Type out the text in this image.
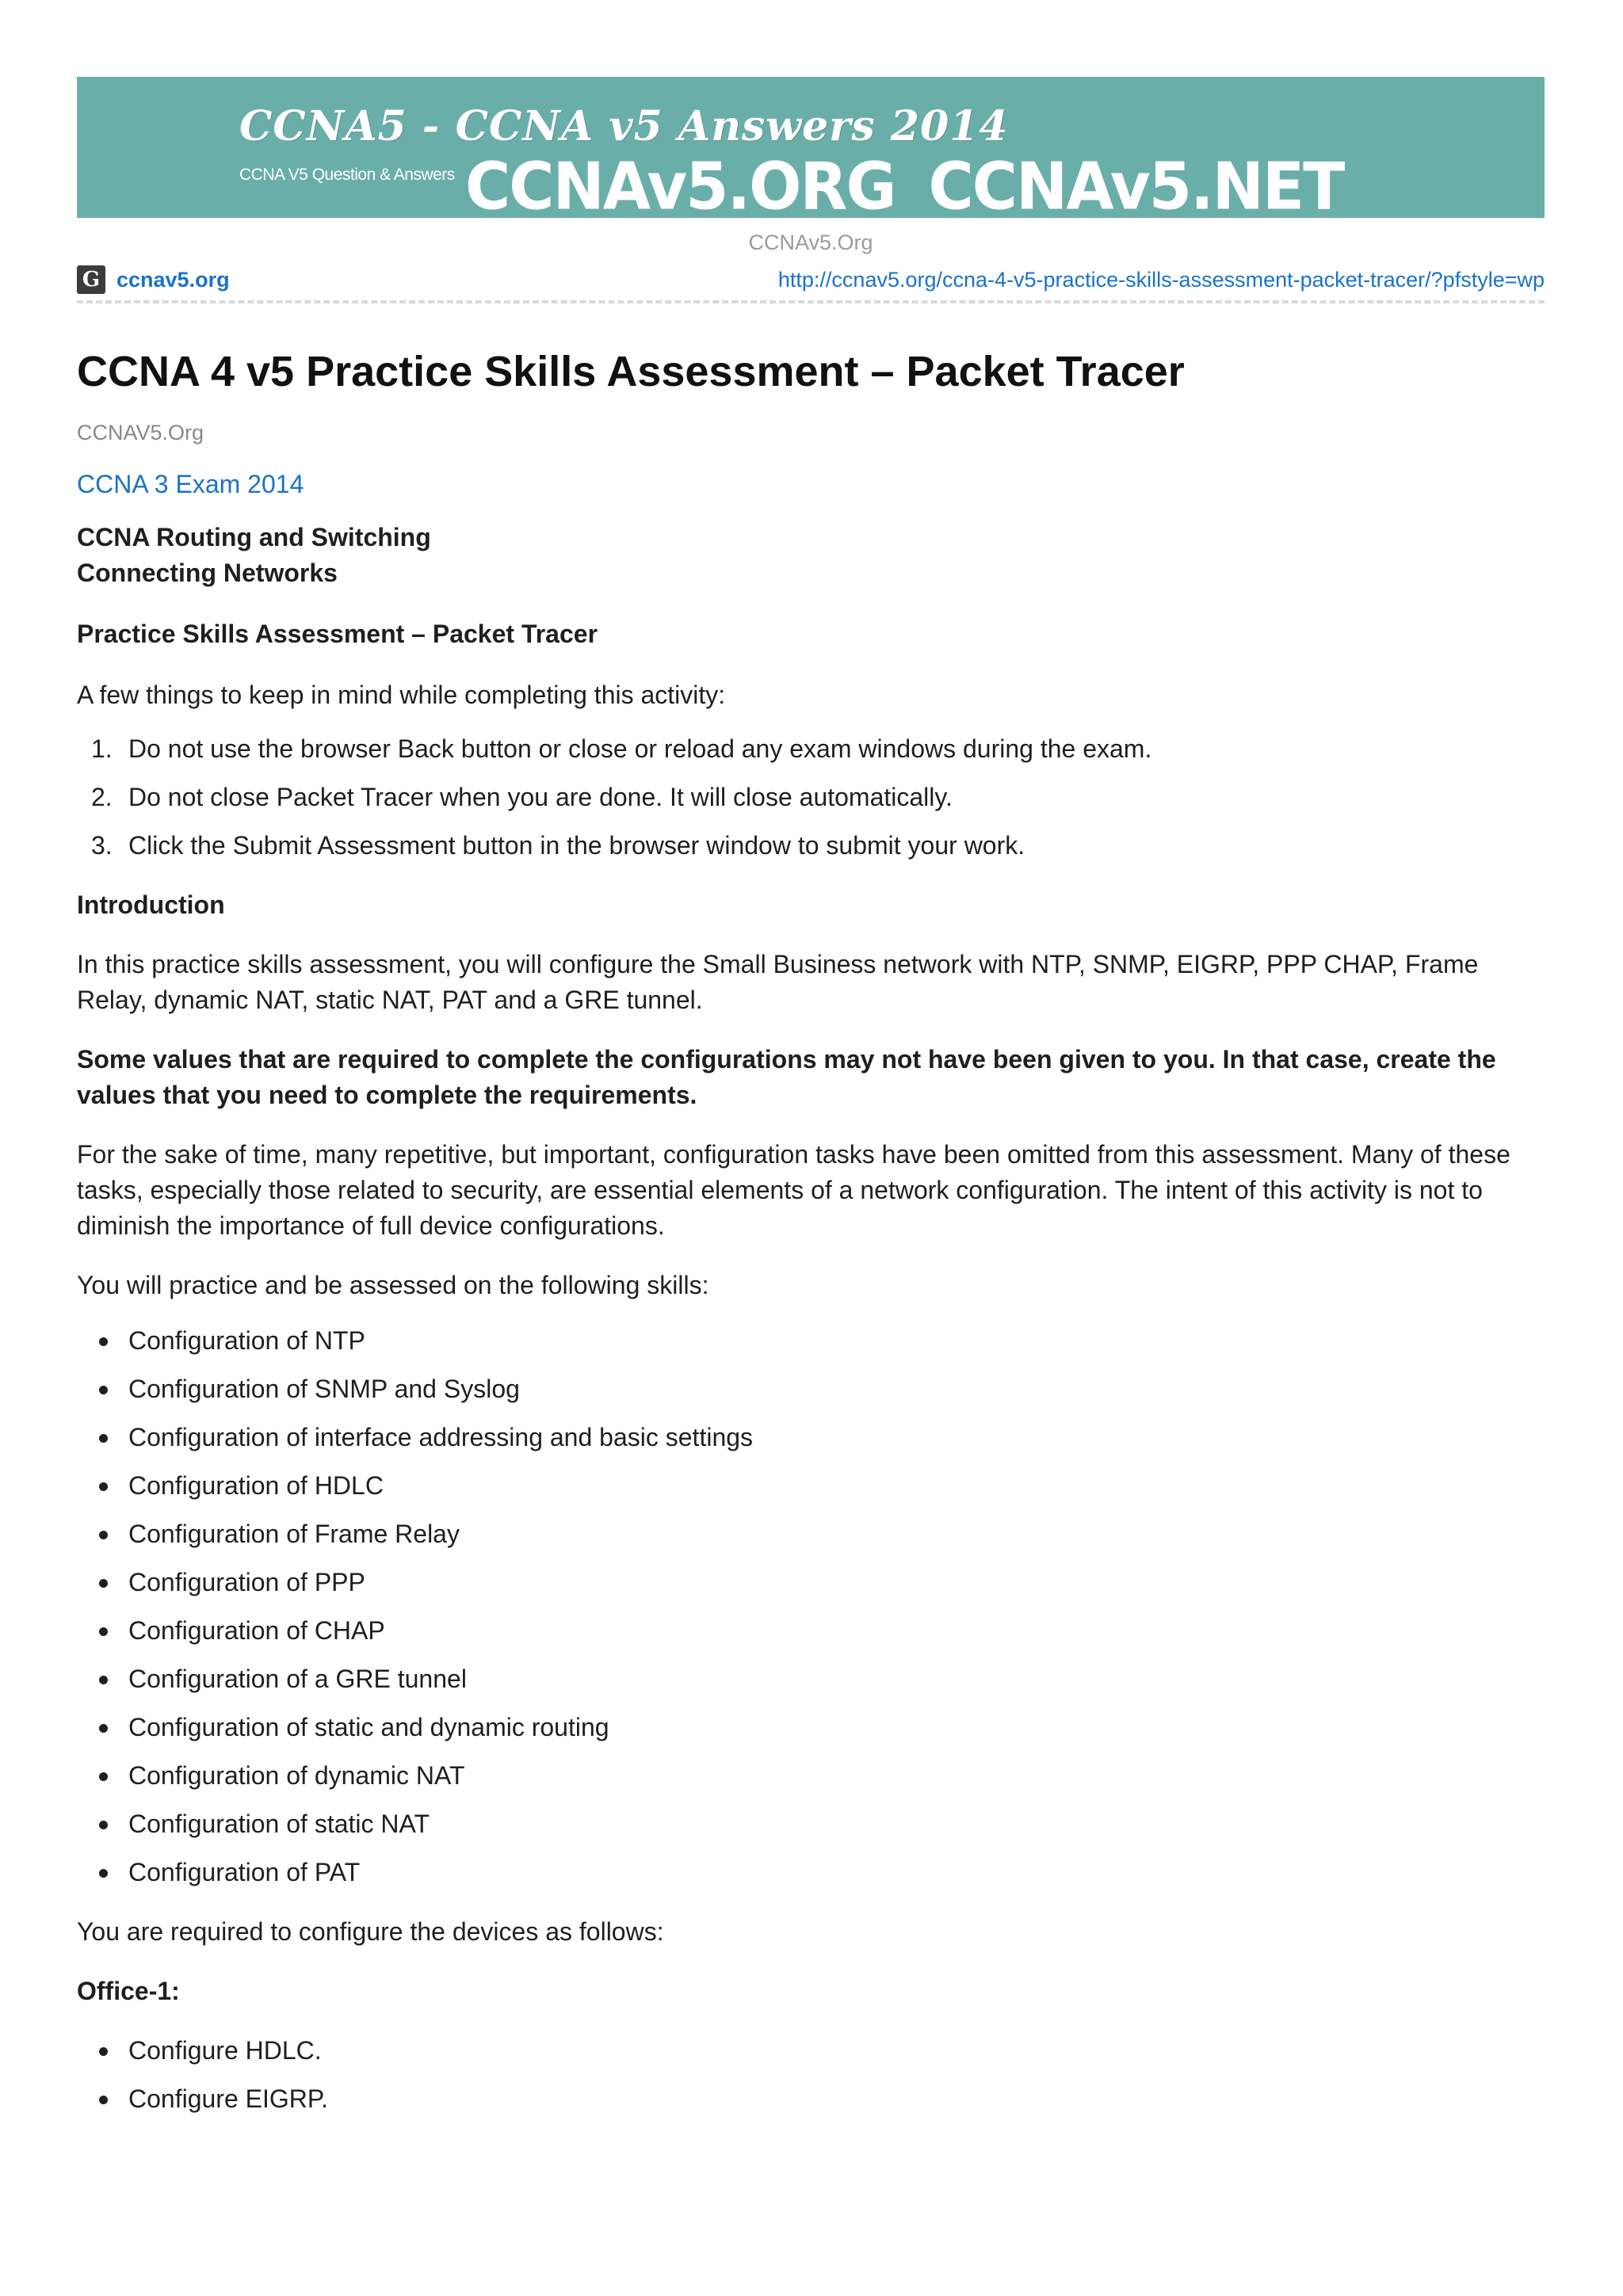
CCNA5 - CCNA v5 Answers 2014
CCNA V5 Question & Answers CCNAv5.ORG CCNAv5.NET
CCNAv5.Org
G ccnav5.org	http://ccnav5.org/ccna-4-v5-practice-skills-assessment-packet-tracer/?pfstyle=wp
CCNA 4 v5 Practice Skills Assessment – Packet Tracer
CCNAV5.Org
CCNA 3 Exam 2014

CCNA Routing and Switching
Connecting Networks

Practice Skills Assessment – Packet Tracer

A few things to keep in mind while completing this activity:

1. Do not use the browser Back button or close or reload any exam windows during the exam.
2. Do not close Packet Tracer when you are done. It will close automatically.
3. Click the Submit Assessment button in the browser window to submit your work.

Introduction

In this practice skills assessment, you will configure the Small Business network with NTP, SNMP, EIGRP, PPP CHAP, Frame Relay, dynamic NAT, static NAT, PAT and a GRE tunnel.

Some values that are required to complete the configurations may not have been given to you. In that case, create the values that you need to complete the requirements.

For the sake of time, many repetitive, but important, configuration tasks have been omitted from this assessment. Many of these tasks, especially those related to security, are essential elements of a network configuration. The intent of this activity is not to diminish the importance of full device configurations.

You will practice and be assessed on the following skills:

Configuration of NTP
Configuration of SNMP and Syslog
Configuration of interface addressing and basic settings
Configuration of HDLC
Configuration of Frame Relay
Configuration of PPP
Configuration of CHAP
Configuration of a GRE tunnel
Configuration of static and dynamic routing
Configuration of dynamic NAT
Configuration of static NAT
Configuration of PAT

You are required to configure the devices as follows:

Office-1:

Configure HDLC.
Configure EIGRP.
